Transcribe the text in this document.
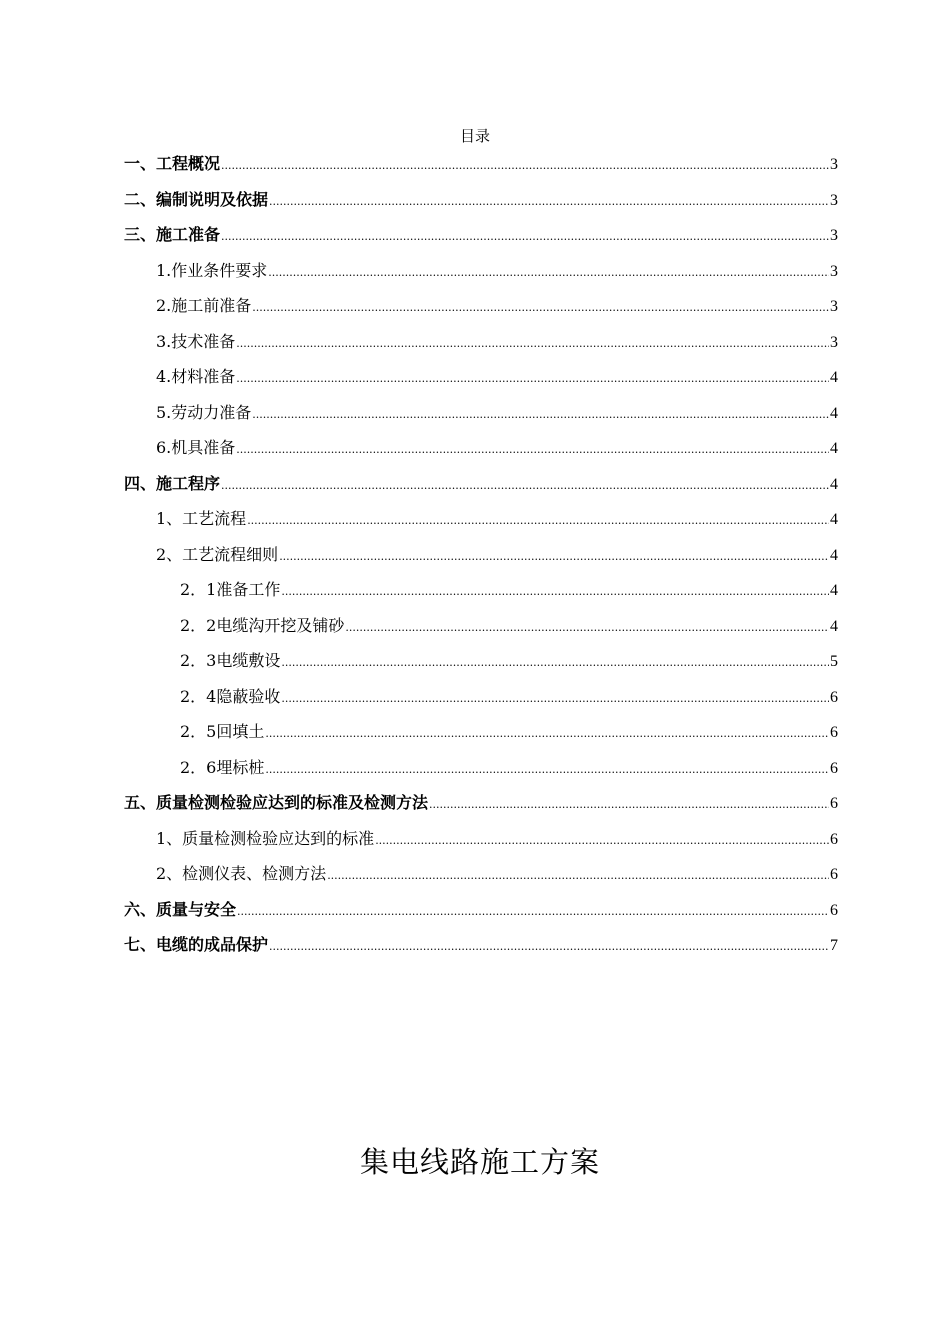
目录
一、工程概况 .....	3
二、编制说明及依据 .....	3
三、施工准备 .....	3
1.作业条件要求 .....	3
2.施工前准备 .....	3
3.技术准备 .....	3
4.材料准备 .....	4
5.劳动力准备 .....	4
6.机具准备 .....	4
四、施工程序 .....	4
1、工艺流程 .....	4
2、工艺流程细则 .....	4
2．1准备工作 .....	4
2．2电缆沟开挖及铺砂 .....	4
2．3电缆敷设 .....	5
2．4隐蔽验收 .....	6
2．5回填土 .....	6
2．6埋标桩 .....	6
五、质量检测检验应达到的标准及检测方法 .....	6
1、质量检测检验应达到的标准 .....	6
2、检测仪表、检测方法 .....	6
六、质量与安全 .....	6
七、电缆的成品保护 .....	7
集电线路施工方案
